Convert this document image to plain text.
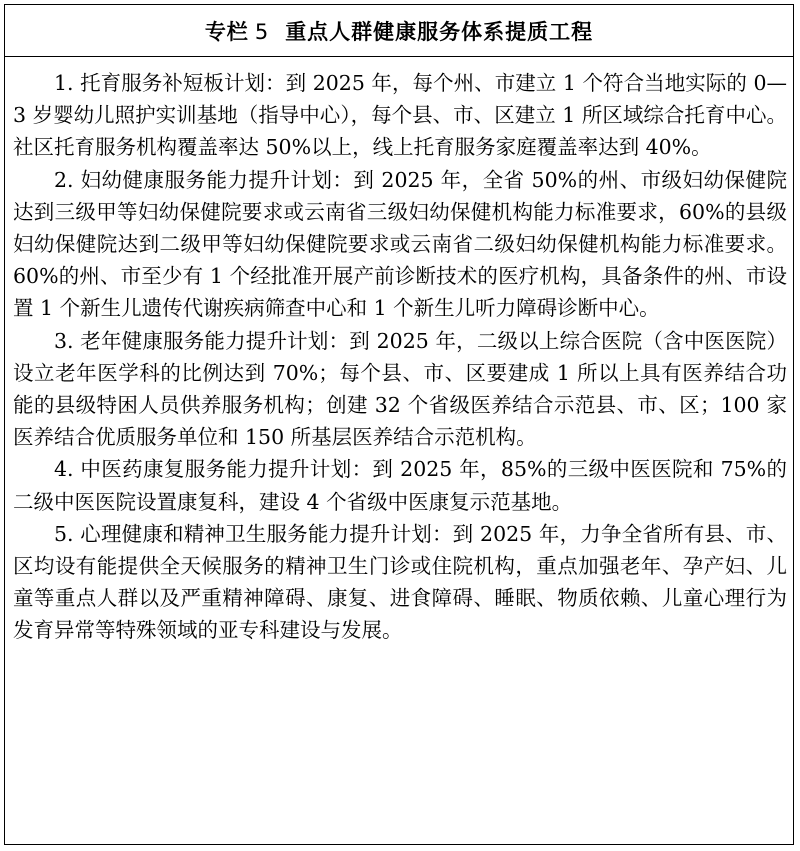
专栏 5 重点人群健康服务体系提质工程

1. 托育服务补短板计划：到 2025 年，每个州、市建立 1 个符合当地实际的 0—3 岁婴幼儿照护实训基地（指导中心），每个县、市、区建立 1 所区域综合托育中心。社区托育服务机构覆盖率达 50%以上，线上托育服务家庭覆盖率达到 40%。

2. 妇幼健康服务能力提升计划：到 2025 年，全省 50%的州、市级妇幼保健院达到三级甲等妇幼保健院要求或云南省三级妇幼保健机构能力标准要求，60%的县级妇幼保健院达到二级甲等妇幼保健院要求或云南省二级妇幼保健机构能力标准要求。60%的州、市至少有 1 个经批准开展产前诊断技术的医疗机构，具备条件的州、市设置 1 个新生儿遗传代谢疾病筛查中心和 1 个新生儿听力障碍诊断中心。

3. 老年健康服务能力提升计划：到 2025 年，二级以上综合医院（含中医医院）设立老年医学科的比例达到 70%；每个县、市、区要建成 1 所以上具有医养结合功能的县级特困人员供养服务机构；创建 32 个省级医养结合示范县、市、区；100 家医养结合优质服务单位和 150 所基层医养结合示范机构。

4. 中医药康复服务能力提升计划：到 2025 年，85%的三级中医医院和 75%的二级中医医院设置康复科，建设 4 个省级中医康复示范基地。

5. 心理健康和精神卫生服务能力提升计划：到 2025 年，力争全省所有县、市、区均设有能提供全天候服务的精神卫生门诊或住院机构，重点加强老年、孕产妇、儿童等重点人群以及严重精神障碍、康复、进食障碍、睡眠、物质依赖、儿童心理行为发育异常等特殊领域的亚专科建设与发展。
